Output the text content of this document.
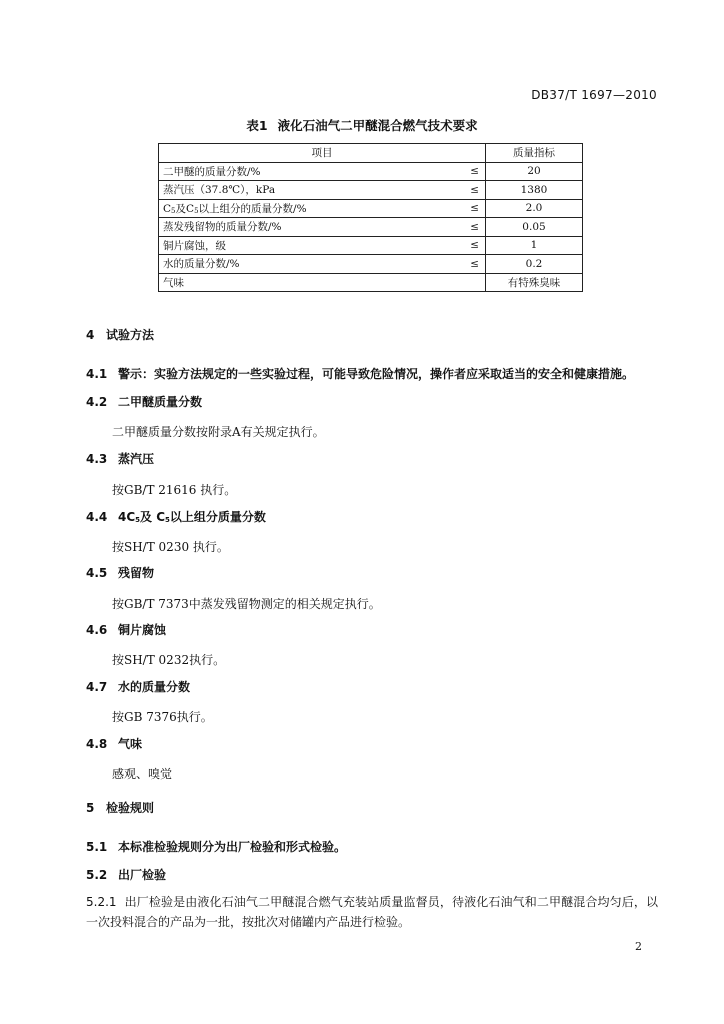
DB37/T 1697—2010
表1 液化石油气二甲醚混合燃气技术要求
项目		质量指标
二甲醚的质量分数/%	≤	20
蒸汽压（37.8℃），kPa	≤	1380
$C_5$及$C_5$以上组分的质量分数/%	≤	2.0
蒸发残留物的质量分数/%	≤	0.05
铜片腐蚀，级	≤	1
水的质量分数/%	≤	0.2
气味		有特殊臭味
4 试验方法
4.1 警示：实验方法规定的一些实验过程，可能导致危险情况，操作者应采取适当的安全和健康措施。
4.2 二甲醚质量分数
二甲醚质量分数按附录A有关规定执行。
4.3 蒸汽压
按GB/T 21616 执行。
4.4 $4C_5$及 $C_5$以上组分质量分数
按SH/T 0230 执行。
4.5 残留物
按GB/T 7373中蒸发残留物测定的相关规定执行。
4.6 铜片腐蚀
按SH/T 0232执行。
4.7 水的质量分数
按GB 7376执行。
4.8 气味
感观、嗅觉
5 检验规则
5.1 本标准检验规则分为出厂检验和形式检验。
5.2 出厂检验
5.2.1 出厂检验是由液化石油气二甲醚混合燃气充装站质量监督员，待液化石油气和二甲醚混合均匀后，以一次投料混合的产品为一批，按批次对储罐内产品进行检验。
2
